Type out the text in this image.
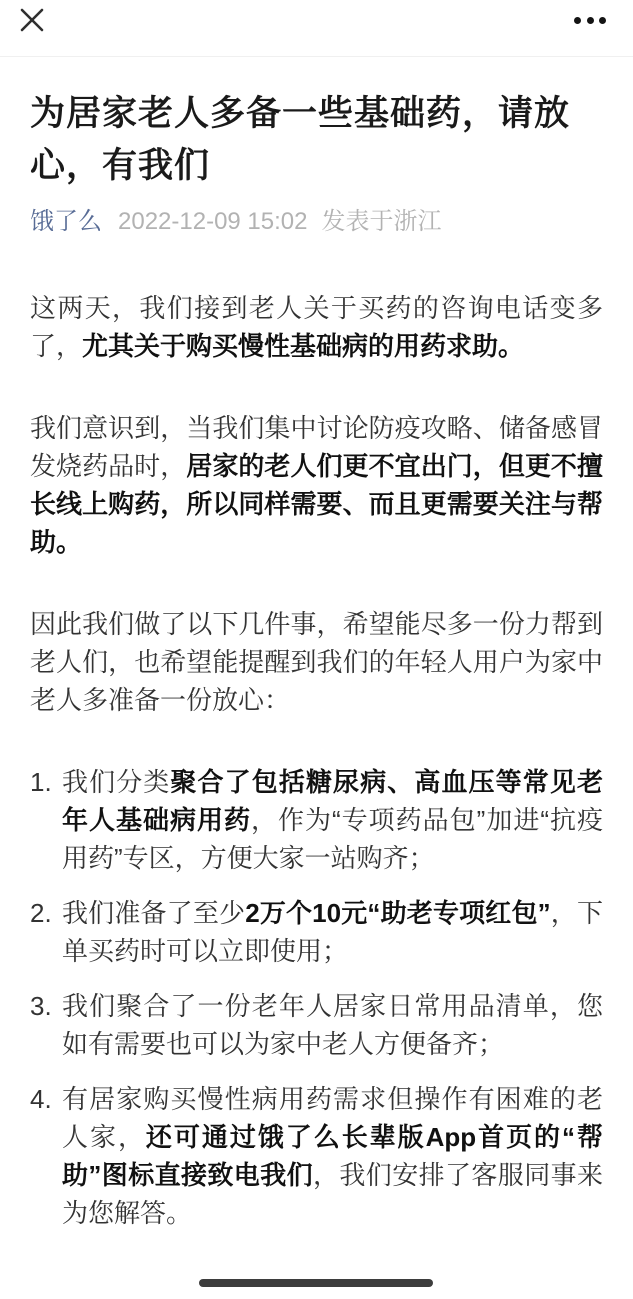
为居家老人多备一些基础药，请放心，有我们
饿了么 2022-12-09 15:02 发表于浙江

这两天，我们接到老人关于买药的咨询电话变多了，尤其关于购买慢性基础病的用药求助。

我们意识到，当我们集中讨论防疫攻略、储备感冒发烧药品时，居家的老人们更不宜出门，但更不擅长线上购药，所以同样需要、而且更需要关注与帮助。

因此我们做了以下几件事，希望能尽多一份力帮到老人们，也希望能提醒到我们的年轻人用户为家中老人多准备一份放心：

1. 我们分类聚合了包括糖尿病、高血压等常见老年人基础病用药，作为“专项药品包”加进“抗疫用药”专区，方便大家一站购齐；
2. 我们准备了至少2万个10元“助老专项红包”，下单买药时可以立即使用；
3. 我们聚合了一份老年人居家日常用品清单，您如有需要也可以为家中老人方便备齐；
4. 有居家购买慢性病用药需求但操作有困难的老人家，还可通过饿了么长辈版App首页的“帮助”图标直接致电我们，我们安排了客服同事来为您解答。
